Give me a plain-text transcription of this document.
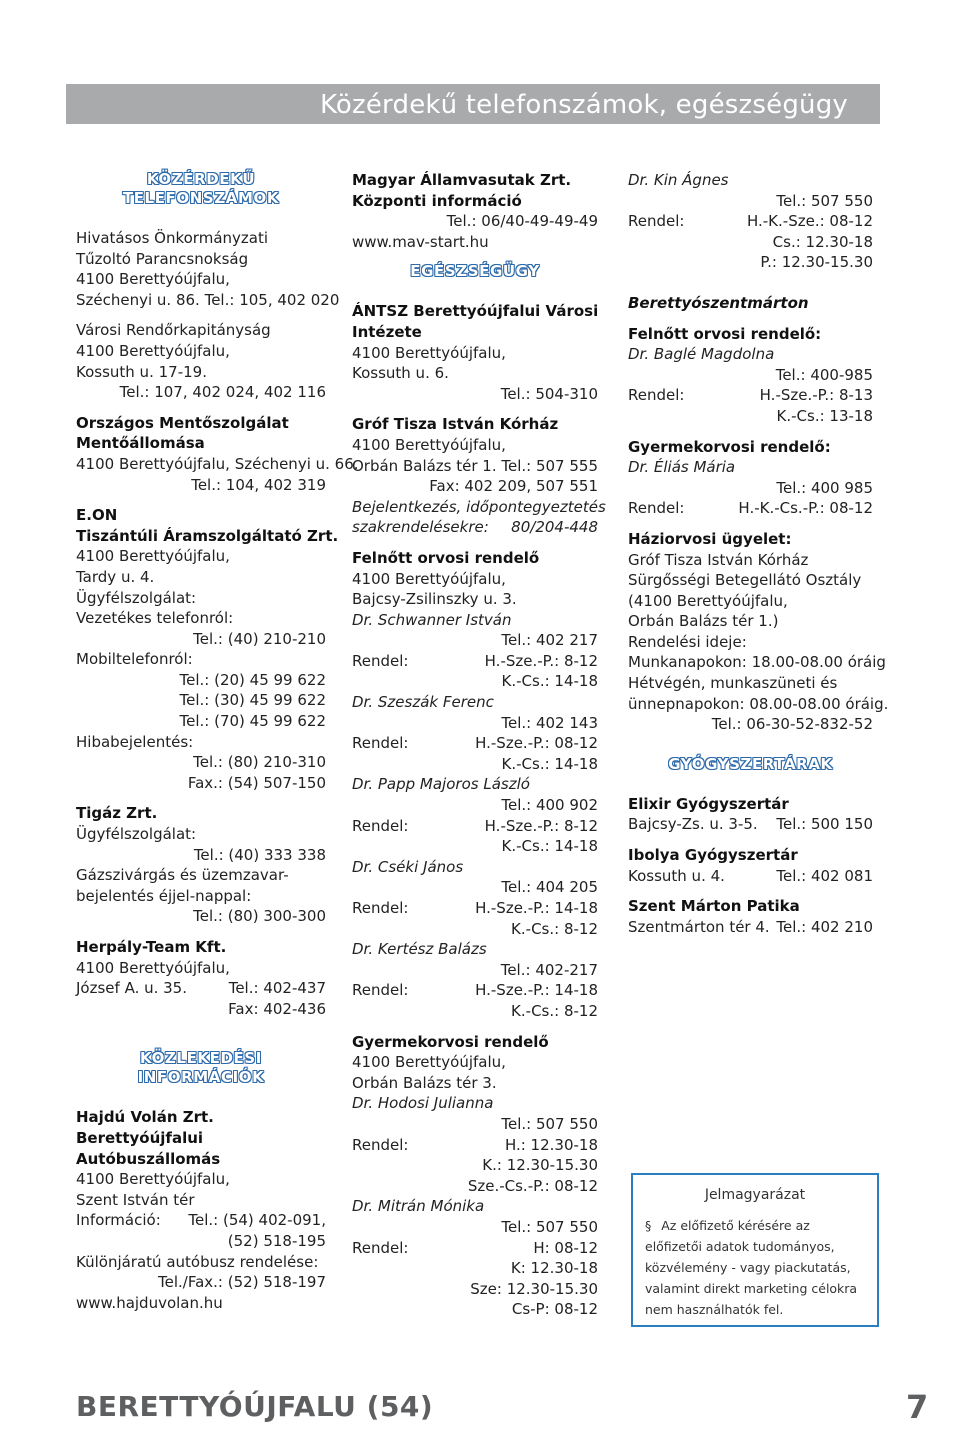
Közérdekű telefonszámok, egészségügy
KÖZÉRDEKŰ TELEFONSZÁMOK
Hivatásos Önkormányzati
Tűzoltó Parancsnokság
4100 Berettyóújfalu,
Széchenyi u. 86. Tel.: 105, 402 020
Városi Rendőrkapitányság
4100 Berettyóújfalu,
Kossuth u. 17-19.
Tel.: 107, 402 024, 402 116
Országos Mentőszolgálat
Mentőállomása
4100 Berettyóújfalu, Széchenyi u. 66.
Tel.: 104, 402 319
E.ON
Tiszántúli Áramszolgáltató Zrt.
4100 Berettyóújfalu,
Tardy u. 4.
Ügyfélszolgálat:
Vezetékes telefonról:
Tel.: (40) 210-210
Mobiltelefonról:
Tel.: (20) 45 99 622
Tel.: (30) 45 99 622
Tel.: (70) 45 99 622
Hibabejelentés:
Tel.: (80) 210-310
Fax.: (54) 507-150
Tigáz Zrt.
Ügyfélszolgálat:
Tel.: (40) 333 338
Gázszivárgás és üzemzavar-
bejelentés éjjel-nappal:
Tel.: (80) 300-300
Herpály-Team Kft.
4100 Berettyóújfalu,
József A. u. 35.	Tel.: 402-437
Fax: 402-436
KÖZLEKEDÉSI INFORMÁCIÓK
Hajdú Volán Zrt.
Berettyóújfalui
Autóbuszállomás
4100 Berettyóújfalu,
Szent István tér
Információ: Tel.: (54) 402-091,
(52) 518-195
Különjáratú autóbusz rendelése:
Tel./Fax.: (52) 518-197
www.hajduvolan.hu
Magyar Államvasutak Zrt.
Központi információ
Tel.: 06/40-49-49-49
www.mav-start.hu
EGÉSZSÉGÜGY
ÁNTSZ Berettyóújfalui Városi
Intézete
4100 Berettyóújfalu,
Kossuth u. 6.
Tel.: 504-310
Gróf Tisza István Kórház
4100 Berettyóújfalu,
Orbán Balázs tér 1. Tel.: 507 555
Fax: 402 209, 507 551
Bejelentkezés, időpontegyeztetés
szakrendelésekre: 80/204-448
Felnőtt orvosi rendelő
4100 Berettyóújfalu,
Bajcsy-Zsilinszky u. 3.
Dr. Schwanner István
Tel.: 402 217
Rendel:	H.-Sze.-P.: 8-12
K.-Cs.: 14-18
Dr. Szeszák Ferenc
Tel.: 402 143
Rendel:	H.-Sze.-P.: 08-12
K.-Cs.: 14-18
Dr. Papp Majoros László
Tel.: 400 902
Rendel:	H.-Sze.-P.: 8-12
K.-Cs.: 14-18
Dr. Cséki János
Tel.: 404 205
Rendel:	H.-Sze.-P.: 14-18
K.-Cs.: 8-12
Dr. Kertész Balázs
Tel.: 402-217
Rendel:	H.-Sze.-P.: 14-18
K.-Cs.: 8-12
Gyermekorvosi rendelő
4100 Berettyóújfalu,
Orbán Balázs tér 3.
Dr. Hodosi Julianna
Tel.: 507 550
Rendel:	H.: 12.30-18
K.: 12.30-15.30
Sze.-Cs.-P.: 08-12
Dr. Mitrán Mónika
Tel.: 507 550
Rendel:	H: 08-12
K: 12.30-18
Sze: 12.30-15.30
Cs-P: 08-12
Dr. Kin Ágnes
Tel.: 507 550
Rendel:	H.-K.-Sze.: 08-12
Cs.: 12.30-18
P.: 12.30-15.30
Berettyószentmárton
Felnőtt orvosi rendelő:
Dr. Baglé Magdolna
Tel.: 400-985
Rendel:	H.-Sze.-P.: 8-13
K.-Cs.: 13-18
Gyermekorvosi rendelő:
Dr. Éliás Mária
Tel.: 400 985
Rendel:	H.-K.-Cs.-P.: 08-12
Háziorvosi ügyelet:
Gróf Tisza István Kórház
Sürgősségi Betegellátó Osztály
(4100 Berettyóújfalu,
Orbán Balázs tér 1.)
Rendelési ideje:
Munkanapokon: 18.00-08.00 óráig
Hétvégén, munkaszüneti és
ünnepnapokon: 08.00-08.00 óráig.
Tel.: 06-30-52-832-52
GYÓGYSZERTÁRAK
Elixir Gyógyszertár
Bajcsy-Zs. u. 3-5. Tel.: 500 150
Ibolya Gyógyszertár
Kossuth u. 4.	Tel.: 402 081
Szent Márton Patika
Szentmárton tér 4. Tel.: 402 210
Jelmagyarázat
§ Az előfizető kérésére az előfizetői adatok tudományos, közvélemény - vagy piackutatás, valamint direkt marketing célokra nem használhatók fel.
BERETTYÓÚJFALU (54)	7
